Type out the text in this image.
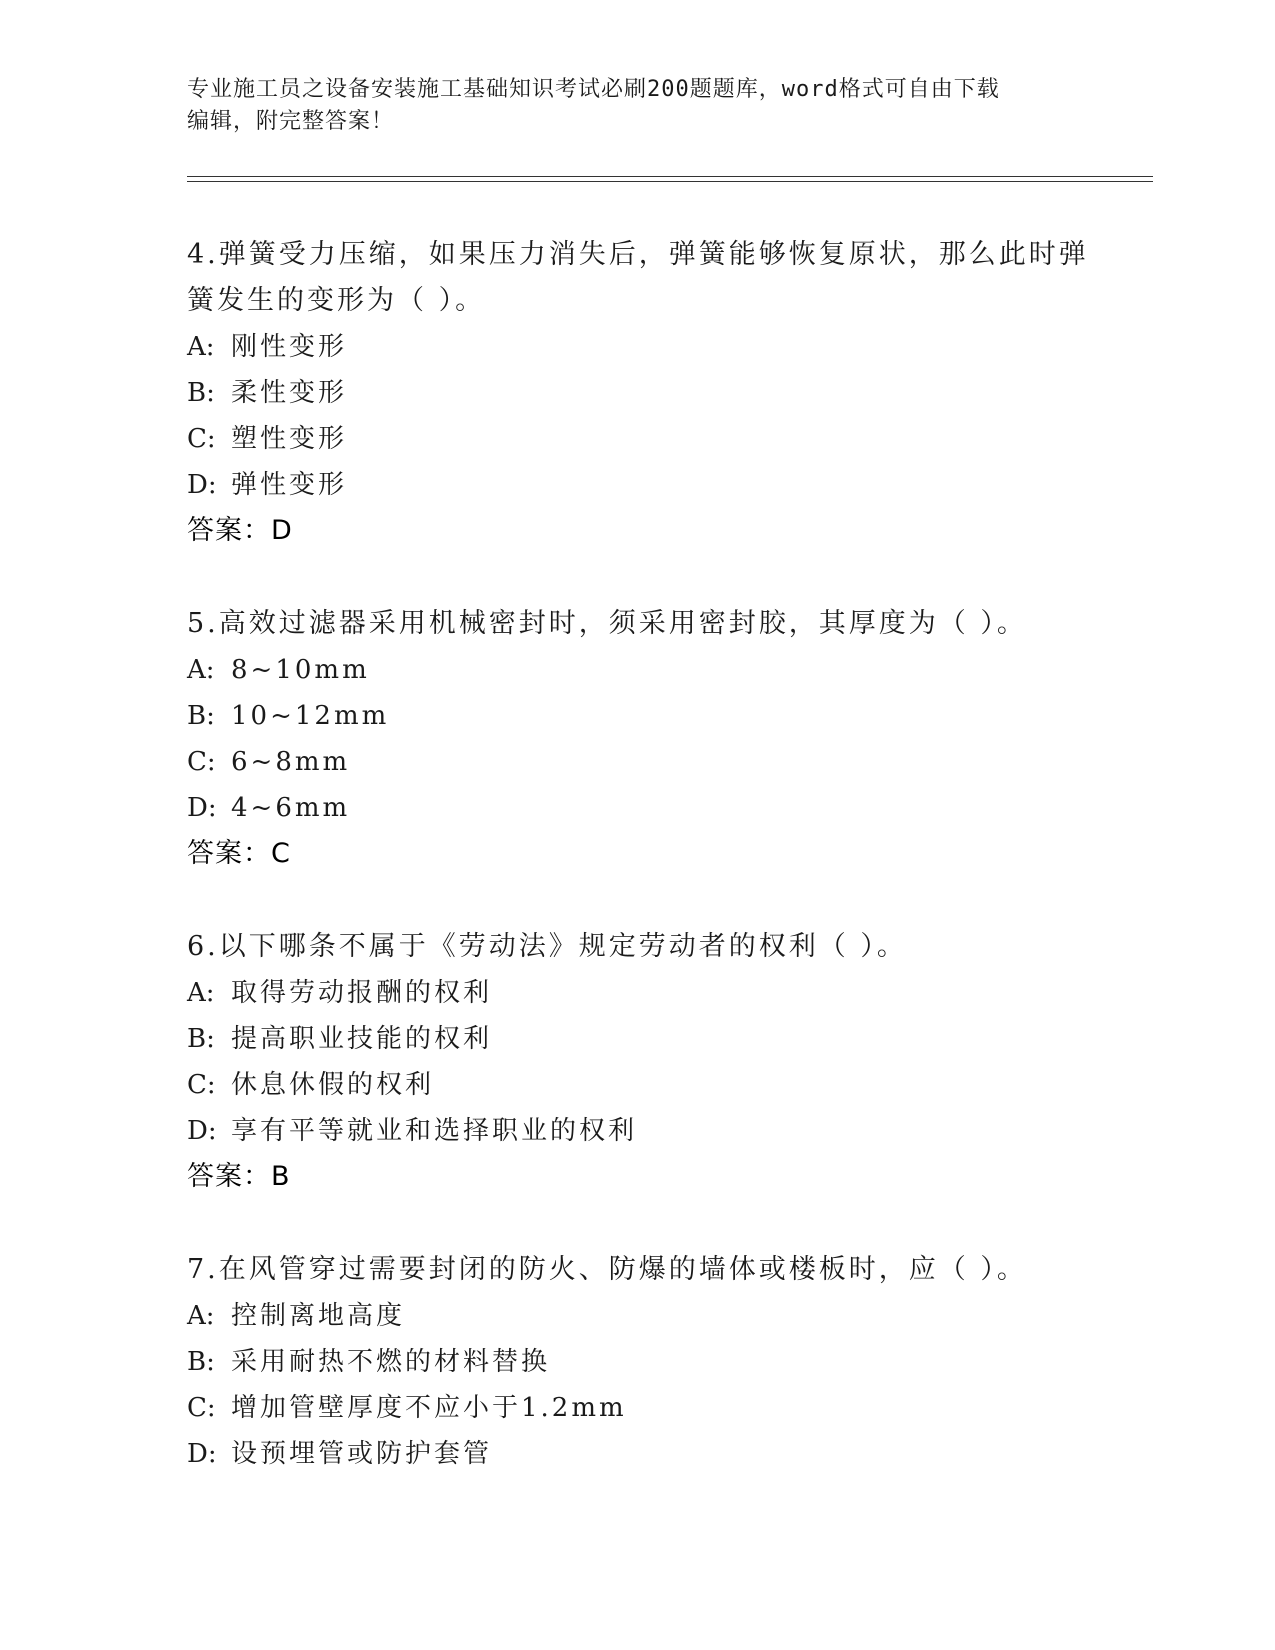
专业施工员之设备安装施工基础知识考试必刷200题题库，word格式可自由下载
编辑，附完整答案！
4.弹簧受力压缩，如果压力消失后，弹簧能够恢复原状，那么此时弹
簧发生的变形为（ ）。
A: 刚性变形
B: 柔性变形
C: 塑性变形
D: 弹性变形
答案：D
5.高效过滤器采用机械密封时，须采用密封胶，其厚度为（ ）。
A: 8~10mm
B: 10~12mm
C: 6~8mm
D: 4~6mm
答案：C
6.以下哪条不属于《劳动法》规定劳动者的权利（ ）。
A: 取得劳动报酬的权利
B: 提高职业技能的权利
C: 休息休假的权利
D: 享有平等就业和选择职业的权利
答案：B
7.在风管穿过需要封闭的防火、防爆的墙体或楼板时，应（ ）。
A: 控制离地高度
B: 采用耐热不燃的材料替换
C: 增加管壁厚度不应小于1.2mm
D: 设预埋管或防护套管
